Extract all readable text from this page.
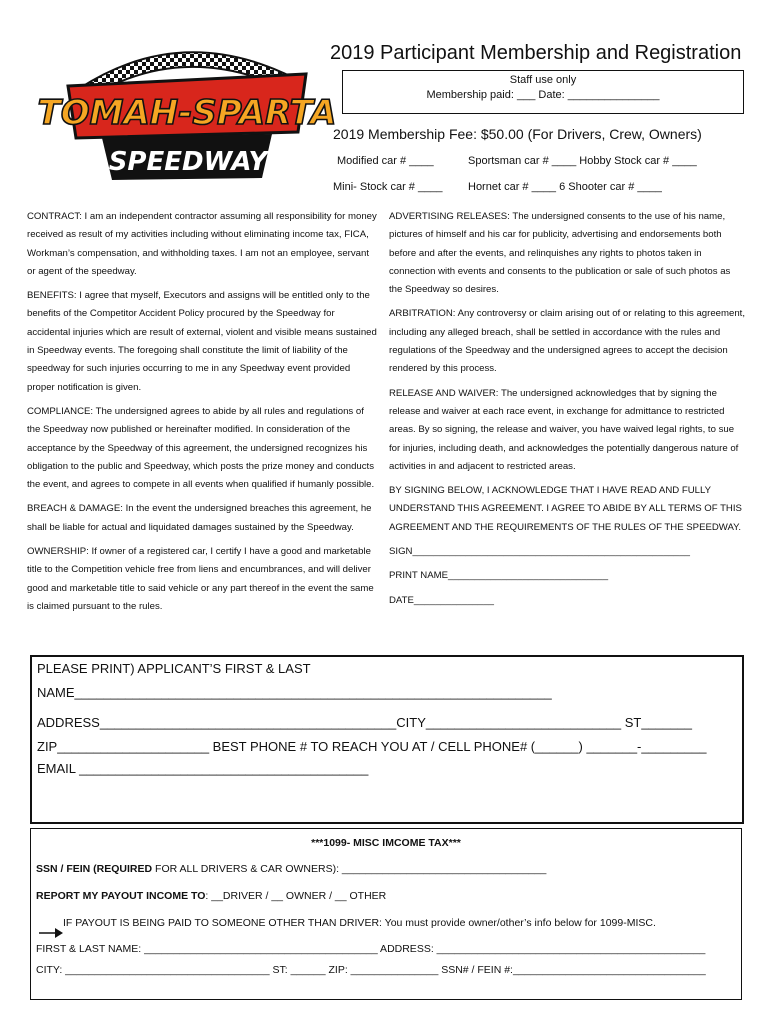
TOMAH-SPARTA
SPEEDWAY
2019 Participant Membership and Registration
Staff use only
Membership paid: ___ Date: _______________
2019 Membership Fee: $50.00 (For Drivers, Crew, Owners)
Modified car # ____	Sportsman car # ____ Hobby Stock car # ____
Mini- Stock car # ____ Hornet car # ____ 6 Shooter car # ____

CONTRACT: I am an independent contractor assuming all responsibility for money received as result of my activities including without eliminating income tax, FICA, Workman’s compensation, and withholding taxes. I am not an employee, servant or agent of the speedway.

BENEFITS: I agree that myself, Executors and assigns will be entitled only to the benefits of the Competitor Accident Policy procured by the Speedway for accidental injuries which are result of external, violent and visible means sustained in Speedway events. The foregoing shall constitute the limit of liability of the speedway for such injuries occurring to me in any Speedway event provided proper notification is given.

COMPLIANCE: The undersigned agrees to abide by all rules and regulations of the Speedway now published or hereinafter modified. In consideration of the acceptance by the Speedway of this agreement, the undersigned recognizes his obligation to the public and Speedway, which posts the prize money and conducts the event, and agrees to compete in all events when qualified if humanly possible.

BREACH & DAMAGE: In the event the undersigned breaches this agreement, he shall be liable for actual and liquidated damages sustained by the Speedway.

OWNERSHIP: If owner of a registered car, I certify I have a good and marketable title to the Competition vehicle free from liens and encumbrances, and will deliver good and marketable title to said vehicle or any part thereof in the event the same is claimed pursuant to the rules.

ADVERTISING RELEASES: The undersigned consents to the use of his name, pictures of himself and his car for publicity, advertising and endorsements both before and after the events, and relinquishes any rights to photos taken in connection with events and consents to the publication or sale of such photos as the Speedway so desires.

ARBITRATION: Any controversy or claim arising out of or relating to this agreement, including any alleged breach, shall be settled in accordance with the rules and regulations of the Speedway and the undersigned agrees to accept the decision rendered by this process.

RELEASE AND WAIVER: The undersigned acknowledges that by signing the release and waiver at each race event, in exchange for admittance to restricted areas. By so signing, the release and waiver, you have waived legal rights, to sue for injuries, including death, and acknowledges the potentially dangerous nature of activities in and adjacent to restricted areas.

BY SIGNING BELOW, I ACKNOWLEDGE THAT I HAVE READ AND FULLY UNDERSTAND THIS AGREEMENT. I AGREE TO ABIDE BY ALL TERMS OF THIS AGREEMENT AND THE REQUIREMENTS OF THE RULES OF THE SPEEDWAY.

SIGN____________________________________________________

PRINT NAME______________________________

DATE_______________

PLEASE PRINT) APPLICANT’S FIRST & LAST
NAME__________________________________________________________________
ADDRESS_________________________________________CITY___________________________ ST_______
ZIP_____________________ BEST PHONE # TO REACH YOU AT / CELL PHONE# (______) _______-_________
EMAIL ________________________________________
***1099- MISC IMCOME TAX***
SSN / FEIN (REQUIRED FOR ALL DRIVERS & CAR OWNERS): ___________________________________
REPORT MY PAYOUT INCOME TO: __DRIVER / __ OWNER / __ OTHER
IF PAYOUT IS BEING PAID TO SOMEONE OTHER THAN DRIVER: You must provide owner/other’s info below for 1099-MISC.
FIRST & LAST NAME: ________________________________________ ADDRESS: ______________________________________________
CITY: ___________________________________ ST: ______ ZIP: _______________ SSN# / FEIN #:_________________________________
